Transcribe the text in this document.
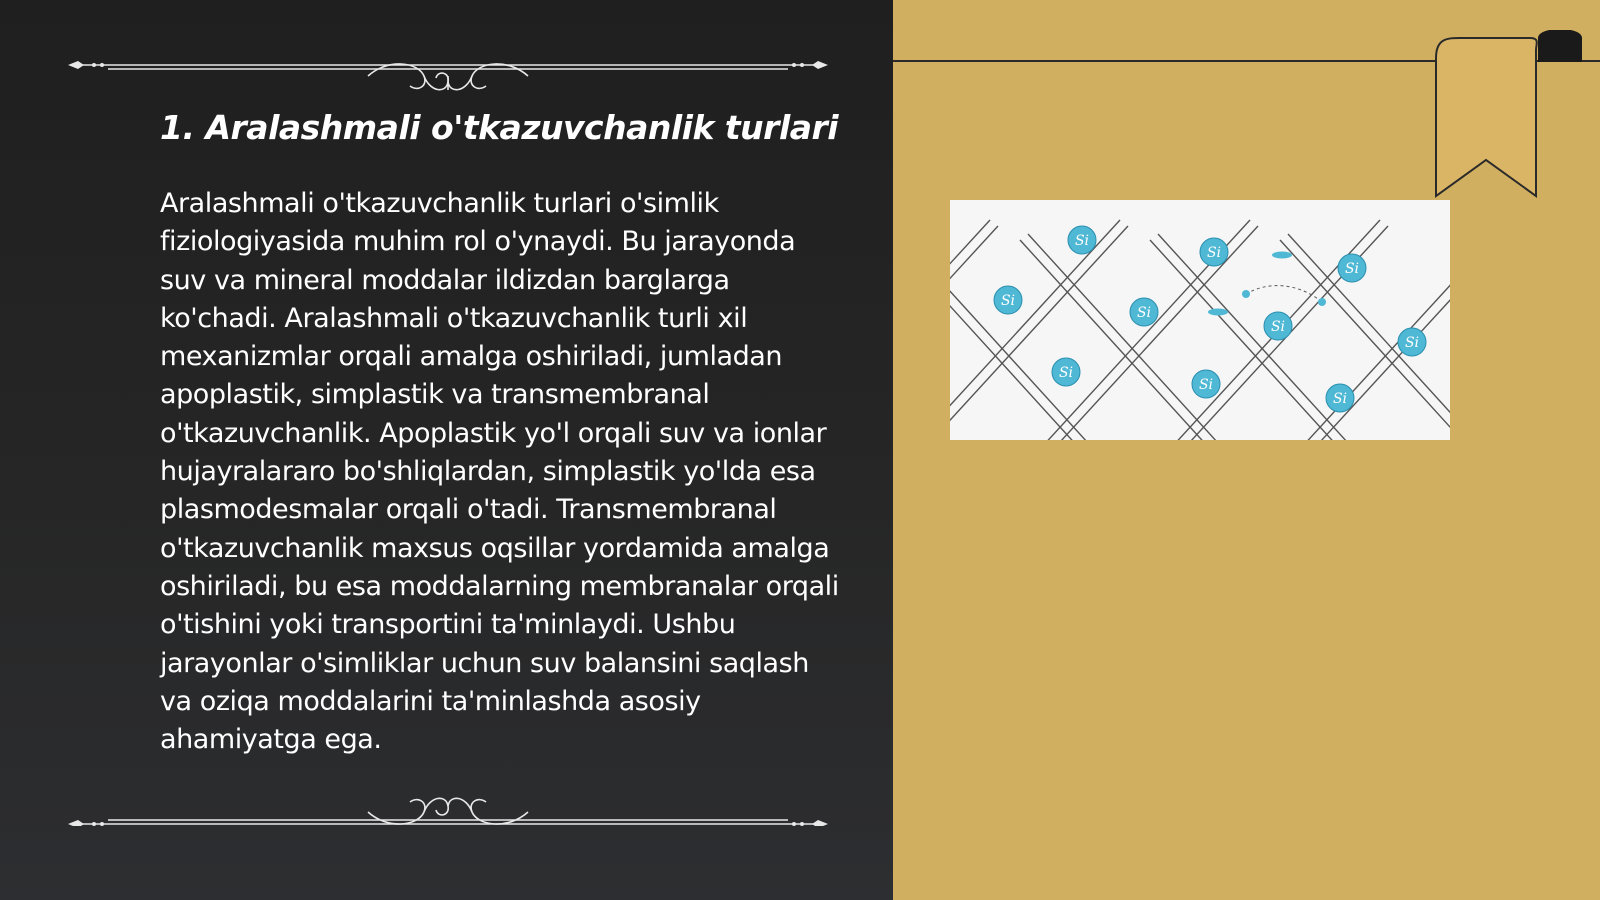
1. Aralashmali o'tkazuvchanlik turlari

Aralashmali o'tkazuvchanlik turlari o'simlik fiziologiyasida muhim rol o'ynaydi. Bu jarayonda suv va mineral moddalar ildizdan barglarga ko'chadi. Aralashmali o'tkazuvchanlik turli xil mexanizmlar orqali amalga oshiriladi, jumladan apoplastik, simplastik va transmembranal o'tkazuvchanlik. Apoplastik yo'l orqali suv va ionlar hujayralararo bo'shliqlardan, simplastik yo'lda esa plasmodesmalar orqali o'tadi. Transmembranal o'tkazuvchanlik maxsus oqsillar yordamida amalga oshiriladi, bu esa moddalarning membranalar orqali o'tishini yoki transportini ta'minlaydi. Ushbu jarayonlar o'simliklar uchun suv balansini saqlash va oziqa moddalarini ta'minlashda asosiy ahamiyatga ega.

Si
Si
Si
Si
Si
Si
Si
Si
Si
Si
